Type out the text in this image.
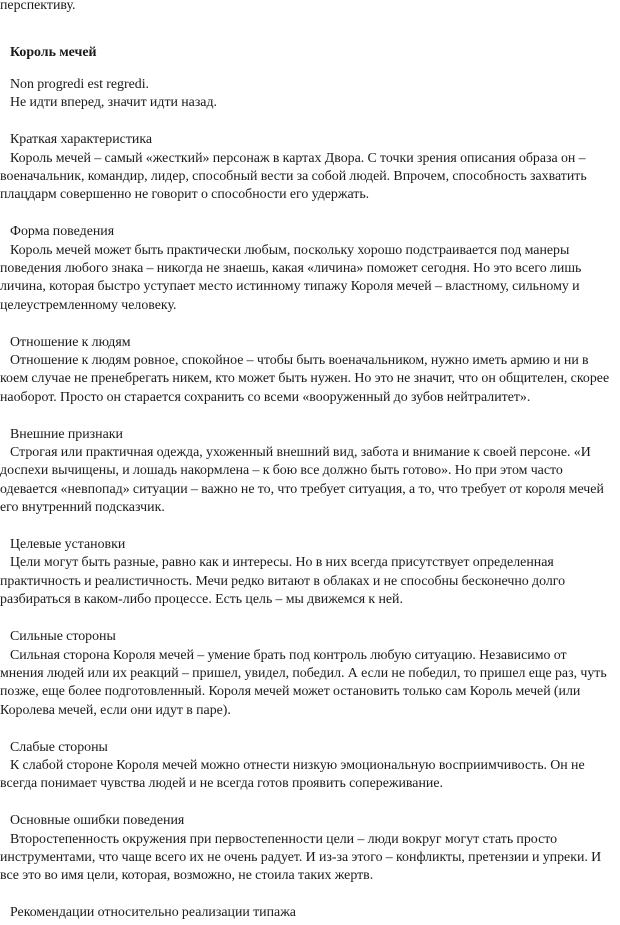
перспективу.
Король мечей
Non progredi est regredi.
Не идти вперед, значит идти назад.
Краткая характеристика
Король мечей – самый «жесткий» персонаж в картах Двора. С точки зрения описания образа он –
военачальник, командир, лидер, способный вести за собой людей. Впрочем, способность захватить
плацдарм совершенно не говорит о способности его удержать.
Форма поведения
Король мечей может быть практически любым, поскольку хорошо подстраивается под манеры
поведения любого знака – никогда не знаешь, какая «личина» поможет сегодня. Но это всего лишь
личина, которая быстро уступает место истинному типажу Короля мечей – властному, сильному и
целеустремленному человеку.
Отношение к людям
Отношение к людям ровное, спокойное – чтобы быть военачальником, нужно иметь армию и ни в
коем случае не пренебрегать никем, кто может быть нужен. Но это не значит, что он общителен, скорее
наоборот. Просто он старается сохранить со всеми «вооруженный до зубов нейтралитет».
Внешние признаки
Строгая или практичная одежда, ухоженный внешний вид, забота и внимание к своей персоне. «И
доспехи вычищены, и лошадь накормлена – к бою все должно быть готово». Но при этом часто
одевается «невпопад» ситуации – важно не то, что требует ситуация, а то, что требует от короля мечей
его внутренний подсказчик.
Целевые установки
Цели могут быть разные, равно как и интересы. Но в них всегда присутствует определенная
практичность и реалистичность. Мечи редко витают в облаках и не способны бесконечно долго
разбираться в каком-либо процессе. Есть цель – мы движемся к ней.
Сильные стороны
Сильная сторона Короля мечей – умение брать под контроль любую ситуацию. Независимо от
мнения людей или их реакций – пришел, увидел, победил. А если не победил, то пришел еще раз, чуть
позже, еще более подготовленный. Короля мечей может остановить только сам Король мечей (или
Королева мечей, если они идут в паре).
Слабые стороны
К слабой стороне Короля мечей можно отнести низкую эмоциональную восприимчивость. Он не
всегда понимает чувства людей и не всегда готов проявить сопереживание.
Основные ошибки поведения
Второстепенность окружения при первостепенности цели – люди вокруг могут стать просто
инструментами, что чаще всего их не очень радует. И из-за этого – конфликты, претензии и упреки. И
все это во имя цели, которая, возможно, не стоила таких жертв.
Рекомендации относительно реализации типажа
